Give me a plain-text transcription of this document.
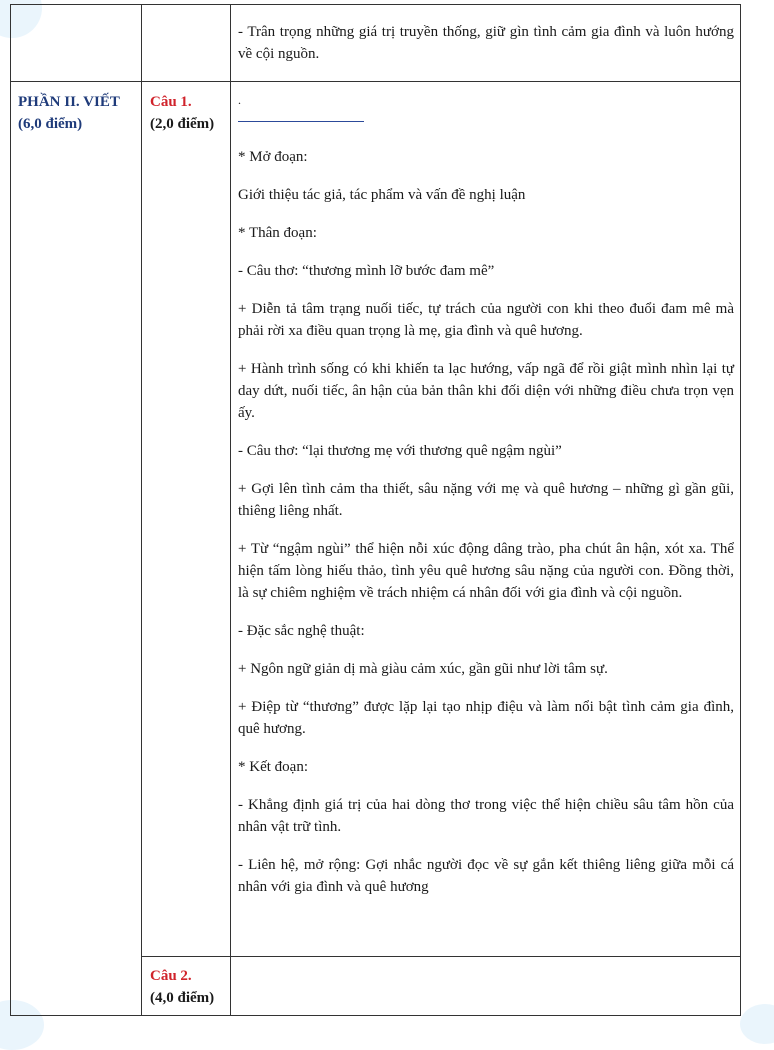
- Trân trọng những giá trị truyền thống, giữ gìn tình cảm gia đình và luôn hướng về cội nguồn.

PHẦN II. VIẾT
(6,0 điểm)
Câu 1.
(2,0 điểm)

.

* Mở đoạn:

Giới thiệu tác giả, tác phẩm và vấn đề nghị luận

* Thân đoạn:

- Câu thơ: “thương mình lỡ bước đam mê”

+ Diễn tả tâm trạng nuối tiếc, tự trách của người con khi theo đuổi đam mê mà phải rời xa điều quan trọng là mẹ, gia đình và quê hương.

+ Hành trình sống có khi khiến ta lạc hướng, vấp ngã để rồi giật mình nhìn lại tự day dứt, nuối tiếc, ân hận của bản thân khi đối diện với những điều chưa trọn vẹn ấy.

- Câu thơ: “lại thương mẹ với thương quê ngậm ngùi”

+ Gợi lên tình cảm tha thiết, sâu nặng với mẹ và quê hương – những gì gần gũi, thiêng liêng nhất.

+ Từ “ngậm ngùi” thể hiện nỗi xúc động dâng trào, pha chút ân hận, xót xa. Thể hiện tấm lòng hiếu thảo, tình yêu quê hương sâu nặng của người con. Đồng thời, là sự chiêm nghiệm về trách nhiệm cá nhân đối với gia đình và cội nguồn.

- Đặc sắc nghệ thuật:

+ Ngôn ngữ giản dị mà giàu cảm xúc, gần gũi như lời tâm sự.

+ Điệp từ “thương” được lặp lại tạo nhịp điệu và làm nổi bật tình cảm gia đình, quê hương.

* Kết đoạn:

- Khẳng định giá trị của hai dòng thơ trong việc thể hiện chiều sâu tâm hồn của nhân vật trữ tình.

- Liên hệ, mở rộng: Gợi nhắc người đọc về sự gắn kết thiêng liêng giữa mỗi cá nhân với gia đình và quê hương

Câu 2.
(4,0 điểm)
